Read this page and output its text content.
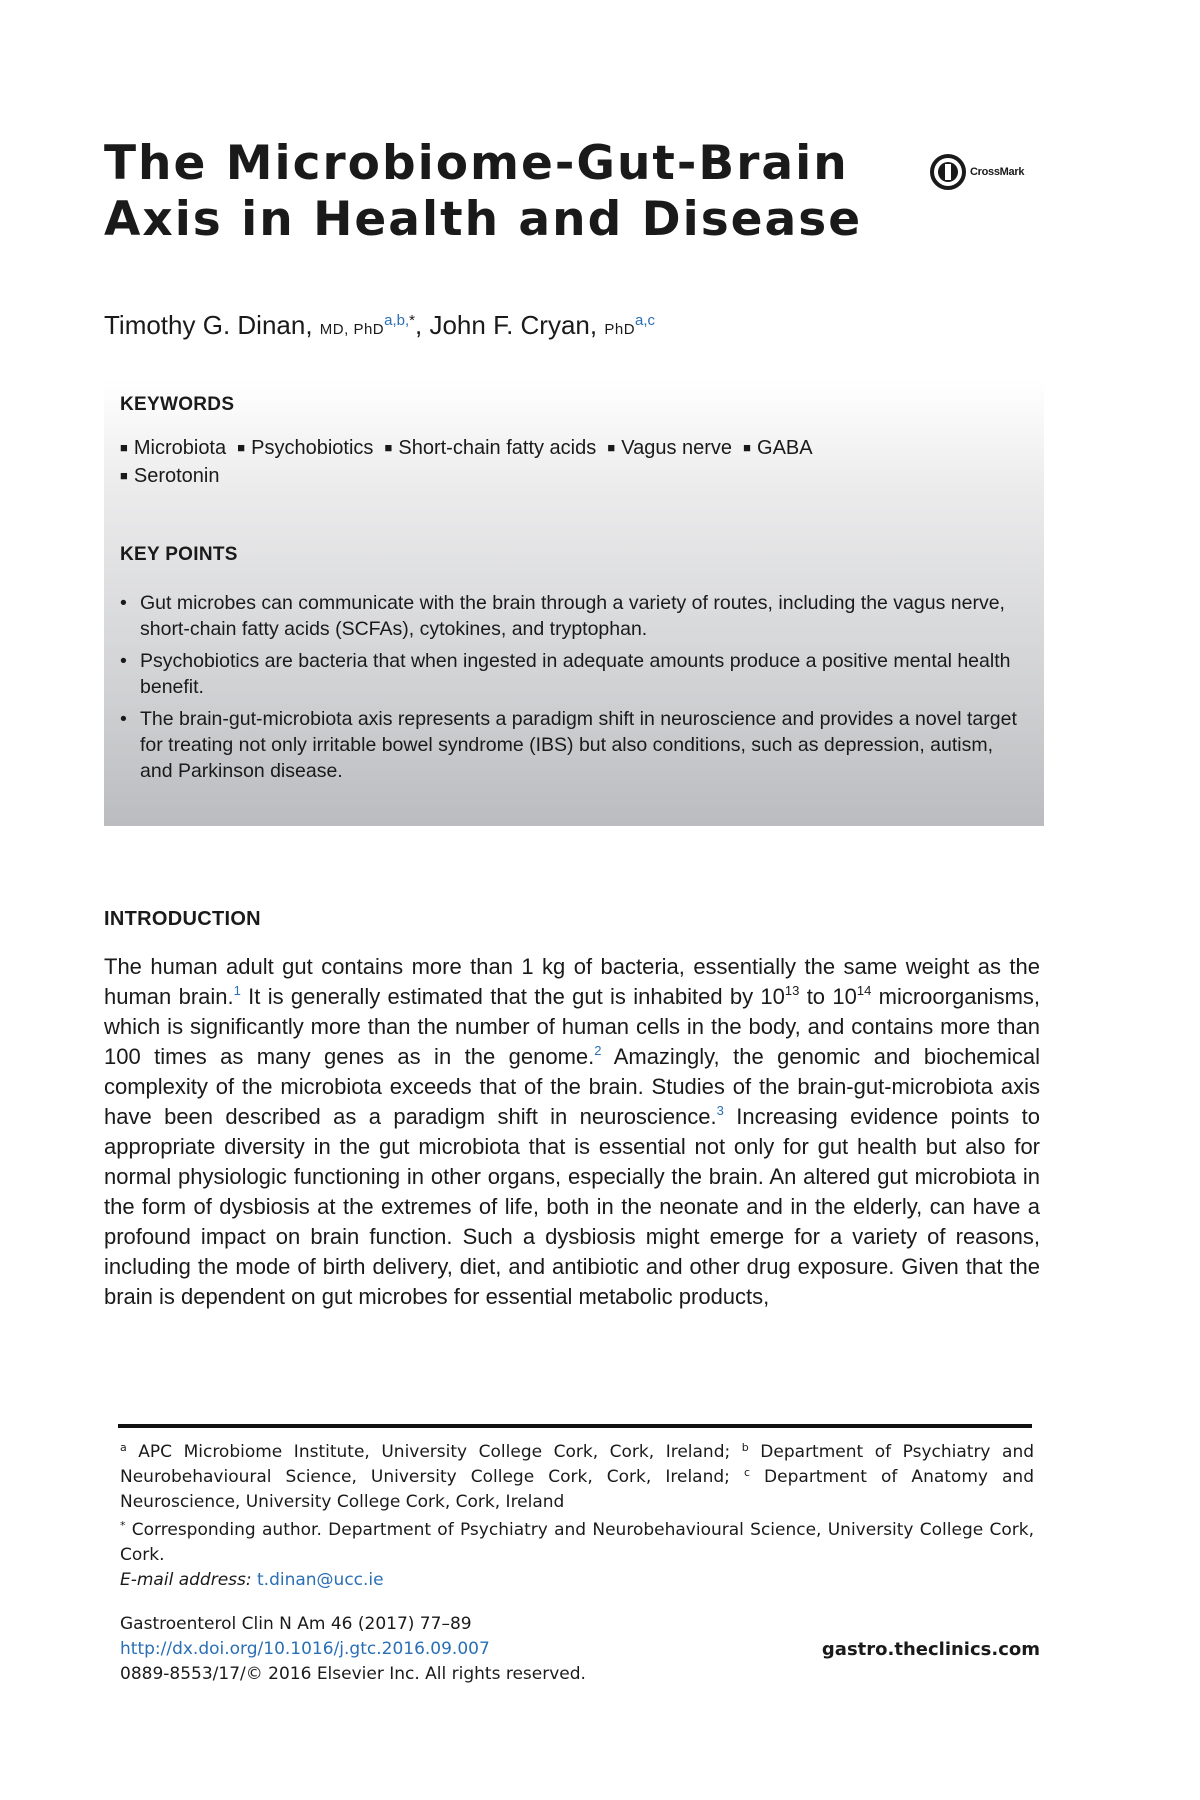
The Microbiome-Gut-Brain
Axis in Health and Disease
CrossMark
Timothy G. Dinan, MD, PhD$^{a,b,*}$, John F. Cryan, PhD$^{a,c}$
KEYWORDS
■ Microbiota ■ Psychobiotics ■ Short-chain fatty acids ■ Vagus nerve ■ GABA
■ Serotonin
KEY POINTS
• Gut microbes can communicate with the brain through a variety of routes, including the vagus nerve, short-chain fatty acids (SCFAs), cytokines, and tryptophan.
• Psychobiotics are bacteria that when ingested in adequate amounts produce a positive mental health benefit.
• The brain-gut-microbiota axis represents a paradigm shift in neuroscience and provides a novel target for treating not only irritable bowel syndrome (IBS) but also conditions, such as depression, autism, and Parkinson disease.
INTRODUCTION

The human adult gut contains more than 1 kg of bacteria, essentially the same weight as the human brain.$^1$ It is generally estimated that the gut is inhabited by $10^{13}$ to $10^{14}$ microorganisms, which is significantly more than the number of human cells in the body, and contains more than 100 times as many genes as in the genome.$^2$ Amazingly, the genomic and biochemical complexity of the microbiota exceeds that of the brain. Studies of the brain-gut-microbiota axis have been described as a paradigm shift in neuroscience.$^3$ Increasing evidence points to appropriate diversity in the gut microbiota that is essential not only for gut health but also for normal physiologic functioning in other organs, especially the brain. An altered gut microbiota in the form of dysbiosis at the extremes of life, both in the neonate and in the elderly, can have a profound impact on brain function. Such a dysbiosis might emerge for a variety of reasons, including the mode of birth delivery, diet, and antibiotic and other drug exposure. Given that the brain is dependent on gut microbes for essential metabolic products,

$^a$ APC Microbiome Institute, University College Cork, Cork, Ireland; $^b$ Department of Psychiatry and Neurobehavioural Science, University College Cork, Cork, Ireland; $^c$ Department of Anatomy and Neuroscience, University College Cork, Cork, Ireland

* Corresponding author. Department of Psychiatry and Neurobehavioural Science, University College Cork, Cork.

E-mail address: t.dinan@ucc.ie

Gastroenterol Clin N Am 46 (2017) 77–89
http://dx.doi.org/10.1016/j.gtc.2016.09.007
0889-8553/17/© 2016 Elsevier Inc. All rights reserved.
gastro.theclinics.com
